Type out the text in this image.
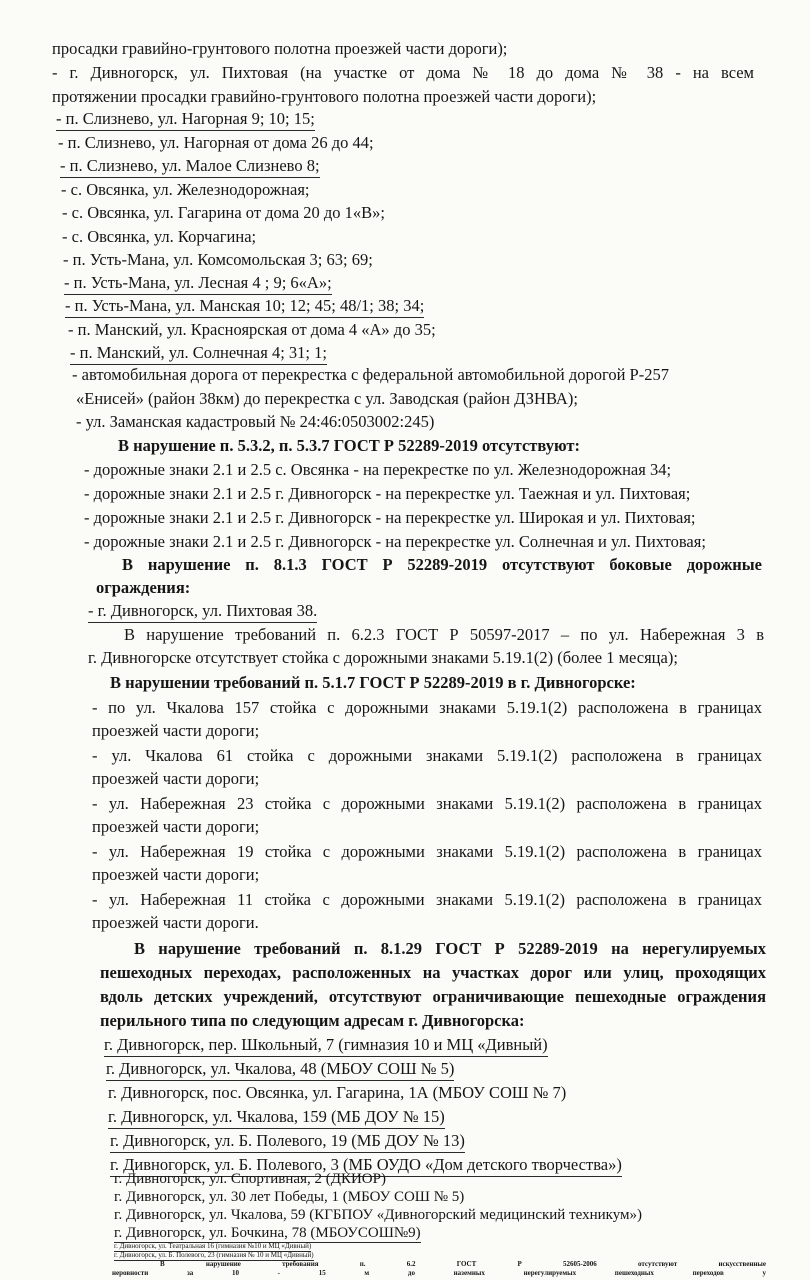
просадки гравийно-грунтового полотна проезжей части дороги);
- г. Дивногорск, ул. Пихтовая (на участке от дома № 18 до дома № 38 - на всем
протяжении просадки гравийно-грунтового полотна проезжей части дороги);
- п. Слизнево, ул. Нагорная 9; 10; 15;
- п. Слизнево, ул. Нагорная от дома 26 до 44;
- п. Слизнево, ул. Малое Слизнево 8;
- с. Овсянка, ул. Железнодорожная;
- с. Овсянка, ул. Гагарина от дома 20 до 1«В»;
- с. Овсянка, ул. Корчагина;
- п. Усть-Мана, ул. Комсомольская 3; 63; 69;
- п. Усть-Мана, ул. Лесная 4 ; 9; 6«А»;
- п. Усть-Мана, ул. Манская 10; 12; 45; 48/1; 38; 34;
- п. Манский, ул. Красноярская от дома 4 «А» до 35;
- п. Манский, ул. Солнечная 4; 31; 1;
- автомобильная дорога от перекрестка с федеральной автомобильной дорогой Р-257
«Енисей» (район 38км) до перекрестка с ул. Заводская (район ДЗНВА);
- ул. Заманская кадастровый № 24:46:0503002:245)
В нарушение п. 5.3.2, п. 5.3.7 ГОСТ Р 52289-2019 отсутствуют:
- дорожные знаки 2.1 и 2.5 с. Овсянка - на перекрестке по ул. Железнодорожная 34;
- дорожные знаки 2.1 и 2.5 г. Дивногорск - на перекрестке ул. Таежная и ул. Пихтовая;
- дорожные знаки 2.1 и 2.5 г. Дивногорск - на перекрестке ул. Широкая и ул. Пихтовая;
- дорожные знаки 2.1 и 2.5 г. Дивногорск - на перекрестке ул. Солнечная и ул. Пихтовая;
В нарушение п. 8.1.3 ГОСТ Р 52289-2019 отсутствуют боковые дорожные
ограждения:
- г. Дивногорск, ул. Пихтовая 38.
В нарушение требований п. 6.2.3 ГОСТ Р 50597-2017 – по ул. Набережная 3 в
г. Дивногорске отсутствует стойка с дорожными знаками 5.19.1(2) (более 1 месяца);
В нарушении требований п. 5.1.7 ГОСТ Р 52289-2019 в г. Дивногорске:
- по ул. Чкалова 157 стойка с дорожными знаками 5.19.1(2) расположена в границах
проезжей части дороги;
- ул. Чкалова 61 стойка с дорожными знаками 5.19.1(2) расположена в границах
проезжей части дороги;
- ул. Набережная 23 стойка с дорожными знаками 5.19.1(2) расположена в границах
проезжей части дороги;
- ул. Набережная 19 стойка с дорожными знаками 5.19.1(2) расположена в границах
проезжей части дороги;
- ул. Набережная 11 стойка с дорожными знаками 5.19.1(2) расположена в границах
проезжей части дороги.
В нарушение требований п. 8.1.29 ГОСТ Р 52289-2019 на нерегулируемых
пешеходных переходах, расположенных на участках дорог или улиц, проходящих
вдоль детских учреждений, отсутствуют ограничивающие пешеходные ограждения
перильного типа по следующим адресам г. Дивногорска:
г. Дивногорск, пер. Школьный, 7 (гимназия 10 и МЦ «Дивный)
г. Дивногорск, ул. Чкалова, 48 (МБОУ СОШ № 5)
г. Дивногорск, пос. Овсянка, ул. Гагарина, 1А (МБОУ СОШ № 7)
г. Дивногорск, ул. Чкалова, 159 (МБ ДОУ № 15)
г. Дивногорск, ул. Б. Полевого, 19 (МБ ДОУ № 13)
г. Дивногорск, ул. Б. Полевого, 3 (МБ ОУДО «Дом детского творчества»)
г. Дивногорск, ул. Спортивная, 2 (ДКИОР)
г. Дивногорск, ул. 30 лет Победы, 1 (МБОУ СОШ № 5)
г. Дивногорск, ул. Чкалова, 59 (КГБПОУ «Дивногорский медицинский техникум»)
г. Дивногорск, ул. Бочкина, 78 (МБОУСОШ№9)
г. Дивногорск, ул. Театральная 16 (гимназия №10 и МЦ «Дивный)
г. Дивногорск, ул. Б. Полевого, 23 (гимназия № 10 и МЦ «Дивный)
В нарушение требования п. 6.2 ГОСТ Р 52605-2006 отсутствуют искусственные
неровности за 10 - 15 м до наземных нерегулируемых пешеходных переходов у
